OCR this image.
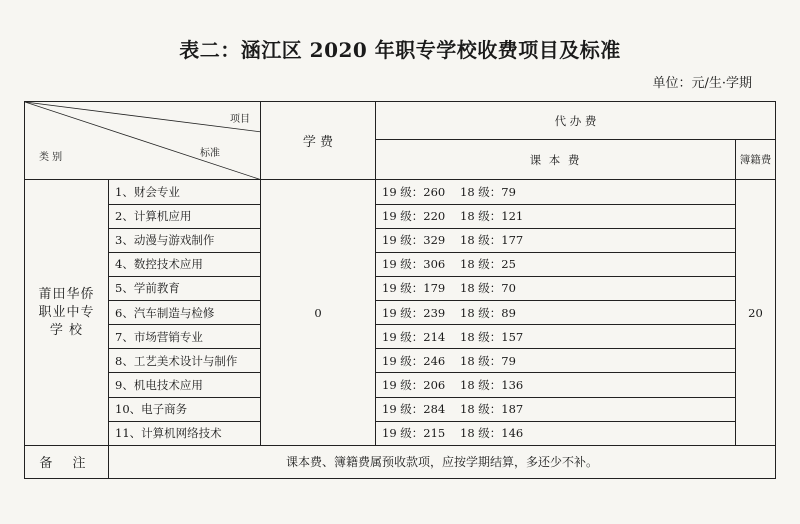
表二：涵江区 2020 年职专学校收费项目及标准
单位：元/生·学期
项目
标准
类 别		学 费	代 办 费	
			课 本 费	簿籍费

莆田华侨
职业中专
学 校	1、财会专业	0	19 级：260 18 级：79	20
	2、计算机应用		19 级：220 18 级：121	
	3、动漫与游戏制作		19 级：329 18 级：177	
	4、数控技术应用		19 级：306 18 级：25	
	5、学前教育		19 级：179 18 级：70	
	6、汽车制造与检修		19 级：239 18 级：89	
	7、市场营销专业		19 级：214 18 级：157	
	8、工艺美术设计与制作		19 级：246 18 级：79	
	9、机电技术应用		19 级：206 18 级：136	
	10、电子商务		19 级：284 18 级：187	
	11、计算机网络技术		19 级：215 18 级：146	
备 注	课本费、簿籍费属预收款项，应按学期结算，多还少不补。			
